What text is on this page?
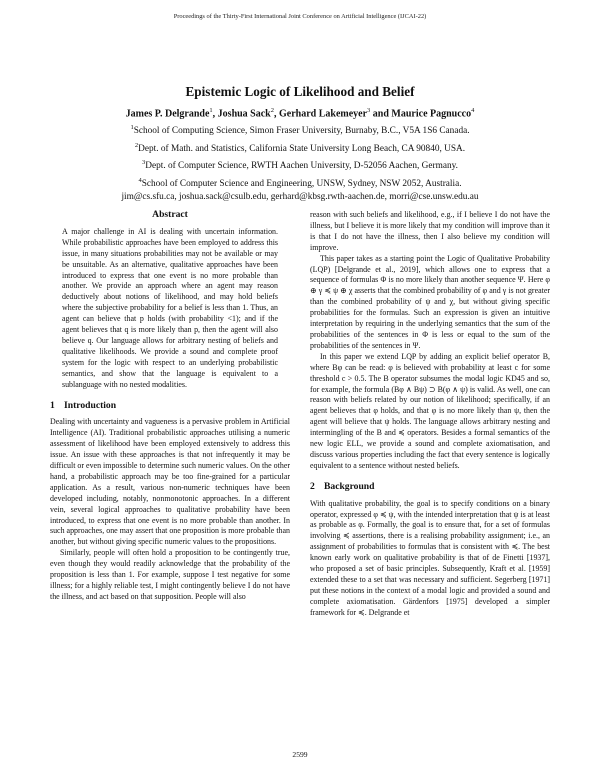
Proceedings of the Thirty-First International Joint Conference on Artificial Intelligence (IJCAI-22)
Epistemic Logic of Likelihood and Belief
James P. Delgrande$^1$, Joshua Sack$^2$, Gerhard Lakemeyer$^3$ and Maurice Pagnucco$^4$
$^1$School of Computing Science, Simon Fraser University, Burnaby, B.C., V5A 1S6 Canada.
$^2$Dept. of Math. and Statistics, California State University Long Beach, CA 90840, USA.
$^3$Dept. of Computer Science, RWTH Aachen University, D-52056 Aachen, Germany.
$^4$School of Computer Science and Engineering, UNSW, Sydney, NSW 2052, Australia.
jim@cs.sfu.ca, joshua.sack@csulb.edu, gerhard@kbsg.rwth-aachen.de, morri@cse.unsw.edu.au

Abstract

A major challenge in AI is dealing with uncertain information. While probabilistic approaches have been employed to address this issue, in many situations probabilities may not be available or may be unsuitable. As an alternative, qualitative approaches have been introduced to express that one event is no more probable than another. We provide an approach where an agent may reason deductively about notions of likelihood, and may hold beliefs where the subjective probability for a belief is less than 1. Thus, an agent can believe that p holds (with probability <1); and if the agent believes that q is more likely than p, then the agent will also believe q. Our language allows for arbitrary nesting of beliefs and qualitative likelihoods. We provide a sound and complete proof system for the logic with respect to an underlying probabilistic semantics, and show that the language is equivalent to a sublanguage with no nested modalities.

1 Introduction

Dealing with uncertainty and vagueness is a pervasive problem in Artificial Intelligence (AI). Traditional probabilistic approaches utilising a numeric assessment of likelihood have been employed extensively to address this issue. An issue with these approaches is that not infrequently it may be difficult or even impossible to determine such numeric values. On the other hand, a probabilistic approach may be too fine-grained for a particular application. As a result, various non-numeric techniques have been developed including, notably, nonmonotonic approaches. In a different vein, several logical approaches to qualitative probability have been introduced, to express that one event is no more probable than another. In such approaches, one may assert that one proposition is more probable than another, but without giving specific numeric values to the propositions.

Similarly, people will often hold a proposition to be contingently true, even though they would readily acknowledge that the probability of the proposition is less than 1. For example, suppose I test negative for some illness; for a highly reliable test, I might contingently believe I do not have the illness, and act based on that supposition. People will also

reason with such beliefs and likelihood, e.g., if I believe I do not have the illness, but I believe it is more likely that my condition will improve than it is that I do not have the illness, then I also believe my condition will improve.

This paper takes as a starting point the Logic of Qualitative Probability (LQP) [Delgrande et al., 2019], which allows one to express that a sequence of formulas Φ is no more likely than another sequence Ψ. Here φ ⊕ γ ≼ ψ ⊕ χ asserts that the combined probability of φ and γ is not greater than the combined probability of ψ and χ, but without giving specific probabilities for the formulas. Such an expression is given an intuitive interpretation by requiring in the underlying semantics that the sum of the probabilities of the sentences in Φ is less or equal to the sum of the probabilities of the sentences in Ψ.

In this paper we extend LQP by adding an explicit belief operator B, where Bφ can be read: φ is believed with probability at least c for some threshold c > 0.5. The B operator subsumes the modal logic KD45 and so, for example, the formula (Bφ ∧ Bψ) ⊃ B(φ ∧ ψ) is valid. As well, one can reason with beliefs related by our notion of likelihood; specifically, if an agent believes that φ holds, and that φ is no more likely than ψ, then the agent will believe that ψ holds. The language allows arbitrary nesting and intermingling of the B and ≼ operators. Besides a formal semantics of the new logic ELL, we provide a sound and complete axiomatisation, and discuss various properties including the fact that every sentence is logically equivalent to a sentence without nested beliefs.

2 Background

With qualitative probability, the goal is to specify conditions on a binary operator, expressed φ ≼ ψ, with the intended interpretation that ψ is at least as probable as φ. Formally, the goal is to ensure that, for a set of formulas involving ≼ assertions, there is a realising probability assignment; i.e., an assignment of probabilities to formulas that is consistent with ≼. The best known early work on qualitative probability is that of de Finetti [1937], who proposed a set of basic principles. Subsequently, Kraft et al. [1959] extended these to a set that was necessary and sufficient. Segerberg [1971] put these notions in the context of a modal logic and provided a sound and complete axiomatisation. Gärdenfors [1975] developed a simpler framework for ≼. Delgrande et

2599
